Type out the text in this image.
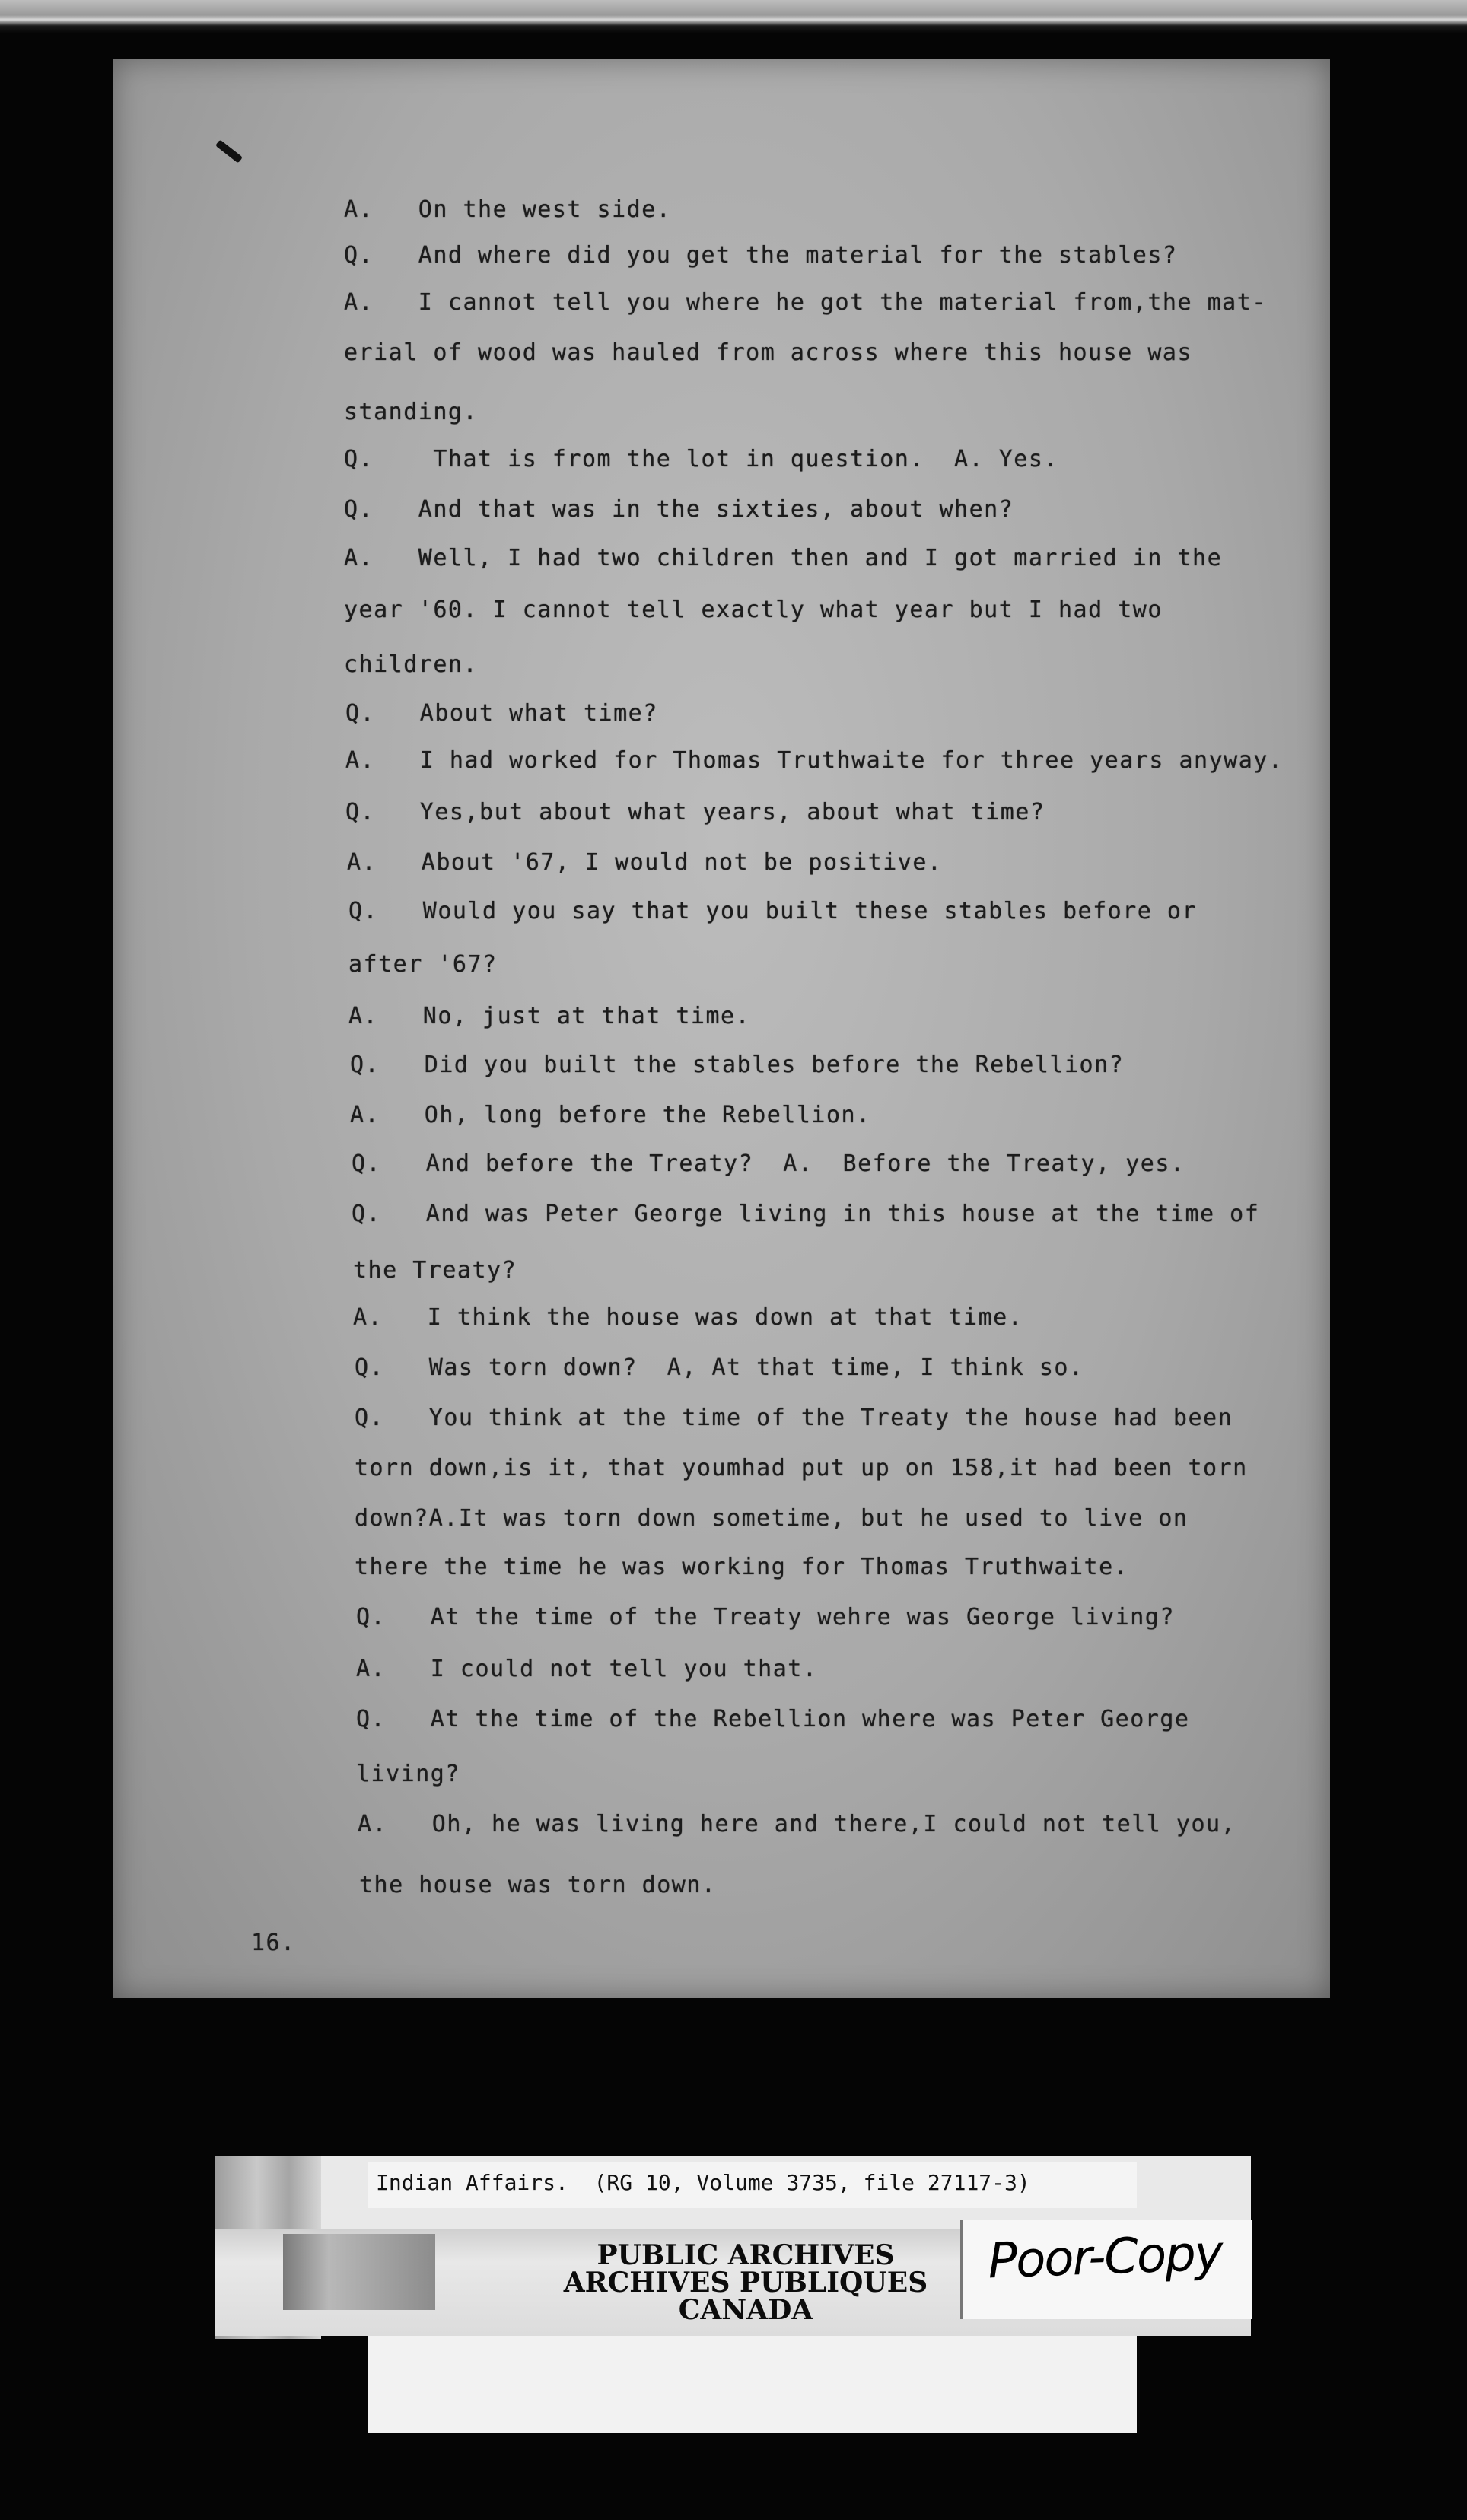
A.   On the west side.
Q.   And where did you get the material for the stables?
A.   I cannot tell you where he got the material from,the mat-
erial of wood was hauled from across where this house was
standing.
Q.    That is from the lot in question.  A. Yes.
Q.   And that was in the sixties, about when?
A.   Well, I had two children then and I got married in the
year '60. I cannot tell exactly what year but I had two
children.
Q.   About what time?
A.   I had worked for Thomas Truthwaite for three years anyway.
Q.   Yes,but about what years, about what time?
A.   About '67, I would not be positive.
Q.   Would you say that you built these stables before or
after '67?
A.   No, just at that time.
Q.   Did you built the stables before the Rebellion?
A.   Oh, long before the Rebellion.
Q.   And before the Treaty?  A.  Before the Treaty, yes.
Q.   And was Peter George living in this house at the time of
the Treaty?
A.   I think the house was down at that time.
Q.   Was torn down?  A, At that time, I think so.
Q.   You think at the time of the Treaty the house had been
torn down,is it, that youmhad put up on 158,it had been torn
down?A.It was torn down sometime, but he used to live on
there the time he was working for Thomas Truthwaite.
Q.   At the time of the Treaty wehre was George living?
A.   I could not tell you that.
Q.   At the time of the Rebellion where was Peter George
living?
A.   Oh, he was living here and there,I could not tell you,
the house was torn down.
16.
Indian Affairs.  (RG 10, Volume 3735, file 27117-3)
PUBLIC ARCHIVES
ARCHIVES PUBLIQUES
CANADA
Poor-Copy
